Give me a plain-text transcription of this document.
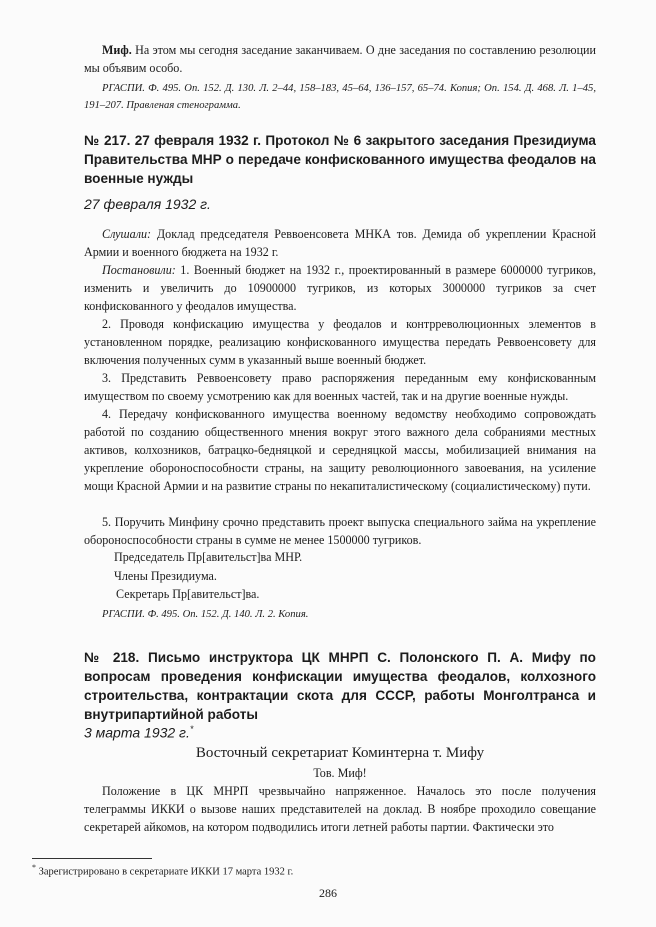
Миф. На этом мы сегодня заседание заканчиваем. О дне заседания по составлению резолюции мы объявим особо.

РГАСПИ. Ф. 495. Оп. 152. Д. 130. Л. 2–44, 158–183, 45–64, 136–157, 65–74. Копия; Оп. 154. Д. 468. Л. 1–45, 191–207. Правленая стенограмма.

№ 217. 27 февраля 1932 г. Протокол № 6 закрытого заседания Президиума Правительства МНР о передаче конфискованного имущества феодалов на военные нужды

27 февраля 1932 г.

Слушали: Доклад председателя Реввоенсовета МНКА тов. Демида об укреплении Красной Армии и военного бюджета на 1932 г.

Постановили: 1. Военный бюджет на 1932 г., проектированный в размере 6000000 тугриков, изменить и увеличить до 10900000 тугриков, из которых 3000000 тугриков за счет конфискованного у феодалов имущества.

2. Проводя конфискацию имущества у феодалов и контрреволюционных элементов в установленном порядке, реализацию конфискованного имущества передать Реввоенсовету для включения полученных сумм в указанный выше военный бюджет.

3. Представить Реввоенсовету право распоряжения переданным ему конфискованным имуществом по своему усмотрению как для военных частей, так и на другие военные нужды.

4. Передачу конфискованного имущества военному ведомству необходимо сопровождать работой по созданию общественного мнения вокруг этого важного дела собраниями местных активов, колхозников, батрацко-бедняцкой и середняцкой массы, мобилизацией внимания на укрепление обороноспособности страны, на защиту революционного завоевания, на усиление мощи Красной Армии и на развитие страны по некапиталистическому (социалистическому) пути.

5. Поручить Минфину срочно представить проект выпуска специального займа на укрепление обороноспособности страны в сумме не менее 1500000 тугриков.

Председатель Пр[авительст]ва МНР.

Члены Президиума.

Секретарь Пр[авительст]ва.

РГАСПИ. Ф. 495. Оп. 152. Д. 140. Л. 2. Копия.

№ 218. Письмо инструктора ЦК МНРП С. Полонского П. А. Мифу по вопросам проведения конфискации имущества феодалов, колхозного строительства, контрактации скота для СССР, работы Монголтранса и внутрипартийной работы

3 марта 1932 г.*

Восточный секретариат Коминтерна т. Мифу

Тов. Миф!

Положение в ЦК МНРП чрезвычайно напряженное. Началось это после получения телеграммы ИККИ о вызове наших представителей на доклад. В ноябре проходило совещание секретарей айкомов, на котором подводились итоги летней работы партии. Фактически это

* Зарегистрировано в секретариате ИККИ 17 марта 1932 г.

286
